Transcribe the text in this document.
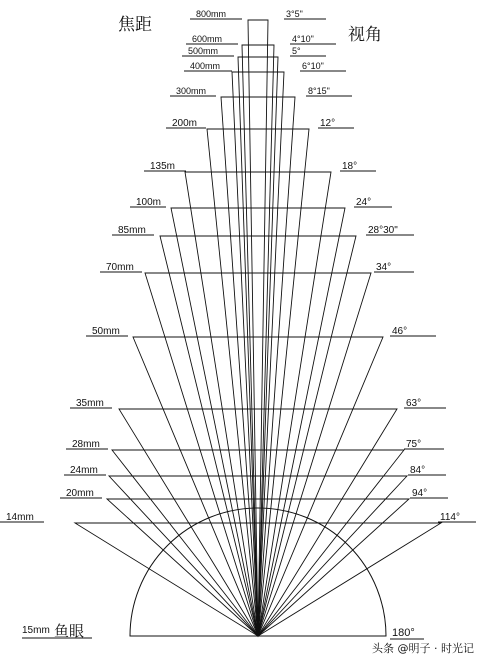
焦距	视角
800mm	3°5"
600mm	4°10"
500mm	5°
400mm	6°10"
300mm	8°15"
200m	12°
135m	18°
100m	24°
85mm	28°30"
70mm	34°
50mm	46°
35mm	63°
28mm	75°
24mm	84°
20mm	94°
14mm	114°
15mm 鱼眼	180°
头条 @明子 · 时光记
